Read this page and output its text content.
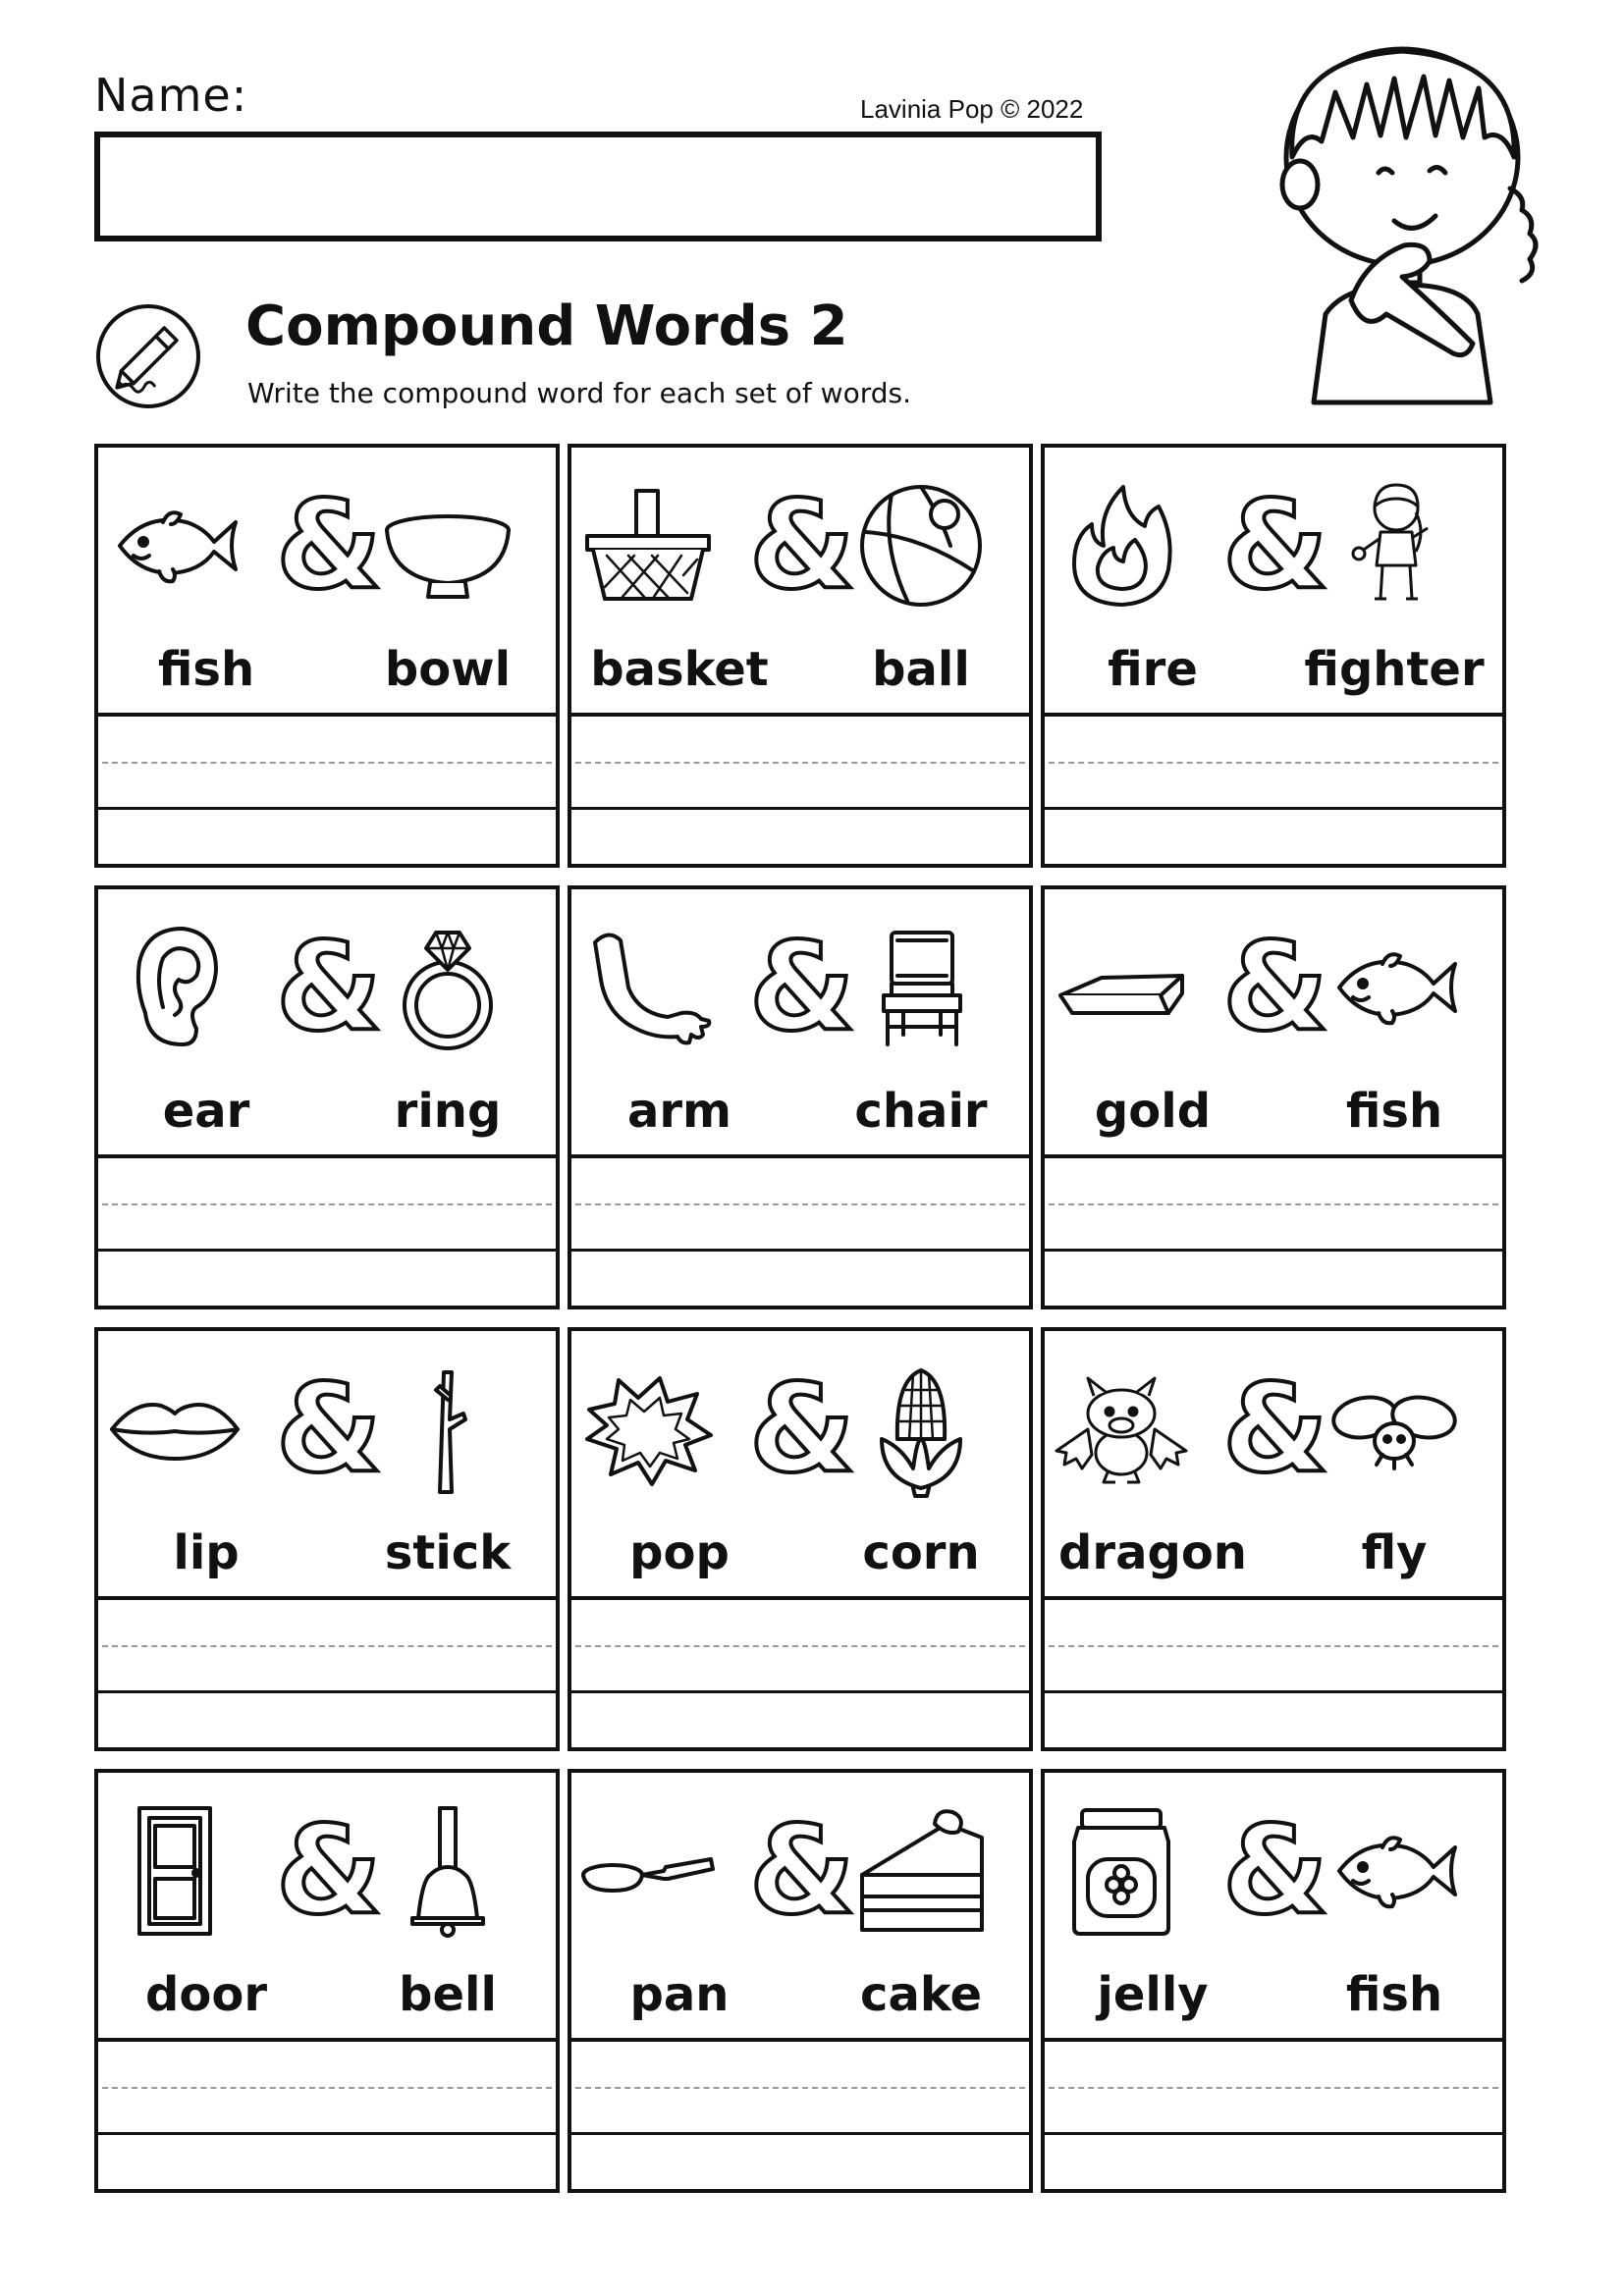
Name:	Lavinia Pop © 2022
Compound Words 2
Write the compound word for each set of words.
&
fish	bowl
&
basket	ball
&
fire	fighter
&
ear	ring
&
arm	chair
&
gold	fish
&
lip	stick
&
pop	corn
&
dragon	fly
&
door	bell
&
pan	cake
&
jelly	fish
